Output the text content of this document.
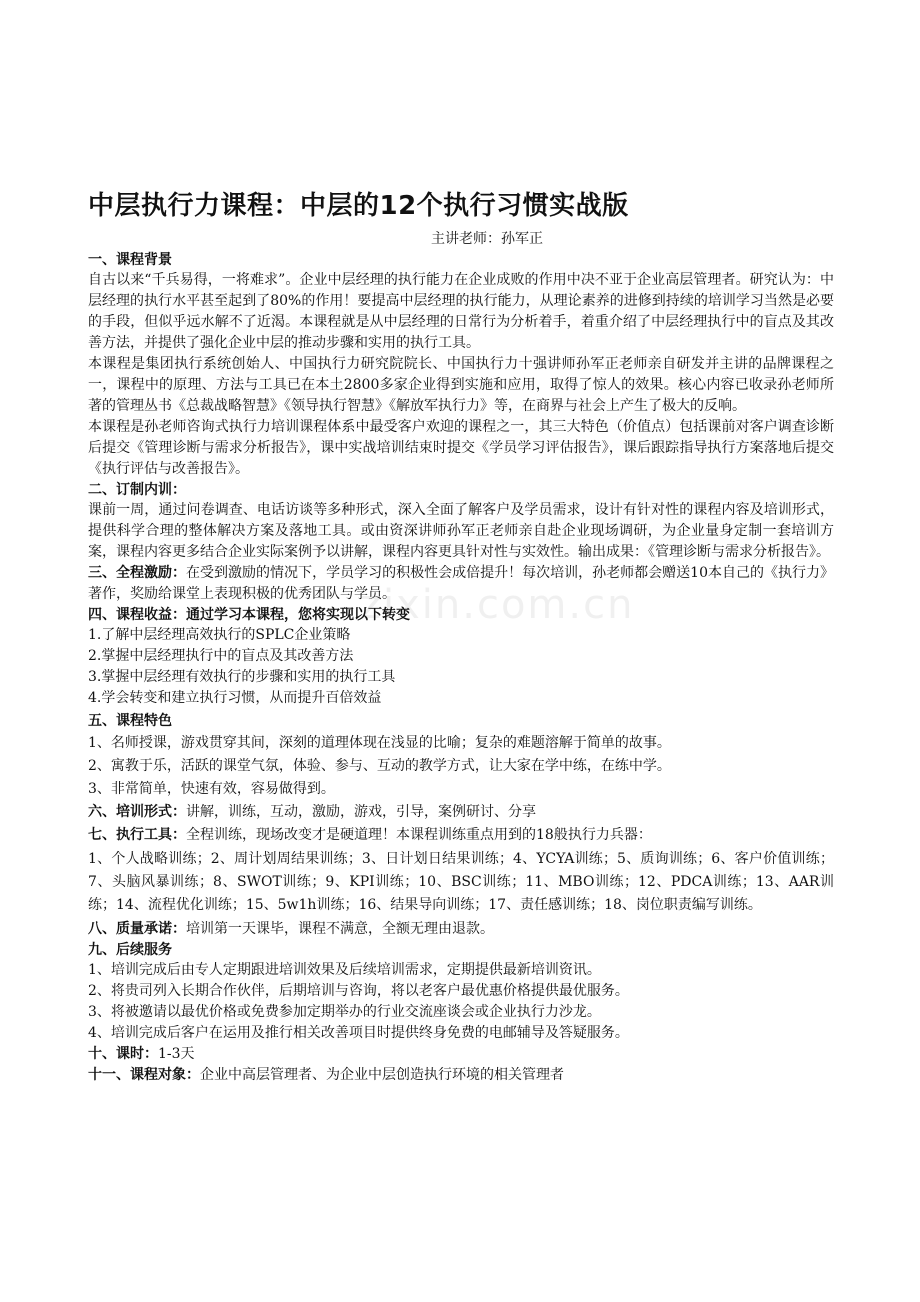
zixin.com.cn
中层执行力课程：中层的12个执行习惯实战版
主讲老师：孙军正
一、课程背景

自古以来“千兵易得，一将难求”。企业中层经理的执行能力在企业成败的作用中决不亚于企业高层管理者。研究认为：中层经理的执行水平甚至起到了80%的作用！要提高中层经理的执行能力，从理论素养的进修到持续的培训学习当然是必要的手段，但似乎远水解不了近渴。本课程就是从中层经理的日常行为分析着手，着重介绍了中层经理执行中的盲点及其改善方法，并提供了强化企业中层的推动步骤和实用的执行工具。

本课程是集团执行系统创始人、中国执行力研究院院长、中国执行力十强讲师孙军正老师亲自研发并主讲的品牌课程之一，课程中的原理、方法与工具已在本土2800多家企业得到实施和应用，取得了惊人的效果。核心内容已收录孙老师所著的管理丛书《总裁战略智慧》《领导执行智慧》《解放军执行力》等，在商界与社会上产生了极大的反响。

本课程是孙老师咨询式执行力培训课程体系中最受客户欢迎的课程之一，其三大特色（价值点）包括课前对客户调查诊断后提交《管理诊断与需求分析报告》，课中实战培训结束时提交《学员学习评估报告》，课后跟踪指导执行方案落地后提交《执行评估与改善报告》。

二、订制内训：

课前一周，通过问卷调查、电话访谈等多种形式，深入全面了解客户及学员需求，设计有针对性的课程内容及培训形式，提供科学合理的整体解决方案及落地工具。或由资深讲师孙军正老师亲自赴企业现场调研，为企业量身定制一套培训方案，课程内容更多结合企业实际案例予以讲解，课程内容更具针对性与实效性。输出成果：《管理诊断与需求分析报告》。

三、全程激励：在受到激励的情况下，学员学习的积极性会成倍提升！每次培训，孙老师都会赠送10本自己的《执行力》著作，奖励给课堂上表现积极的优秀团队与学员。

四、课程收益：通过学习本课程，您将实现以下转变
1.了解中层经理高效执行的SPLC企业策略
2.掌握中层经理执行中的盲点及其改善方法
3.掌握中层经理有效执行的步骤和实用的执行工具
4.学会转变和建立执行习惯，从而提升百倍效益
五、课程特色
1、名师授课，游戏贯穿其间，深刻的道理体现在浅显的比喻；复杂的难题溶解于简单的故事。
2、寓教于乐，活跃的课堂气氛，体验、参与、互动的教学方式，让大家在学中练，在练中学。
3、非常简单，快速有效，容易做得到。

六、培训形式：讲解，训练，互动，激励，游戏，引导，案例研讨、分享

七、执行工具：全程训练，现场改变才是硬道理！本课程训练重点用到的18般执行力兵器：

1、个人战略训练；2、周计划周结果训练；3、日计划日结果训练；4、YCYA训练；5、质询训练；6、客户价值训练；7、头脑风暴训练；8、SWOT训练；9、KPI训练；10、BSC训练；11、MBO训练；12、PDCA训练；13、AAR训练；14、流程优化训练；15、5w1h训练；16、结果导向训练；17、责任感训练；18、岗位职责编写训练。

八、质量承诺：培训第一天课毕，课程不满意，全额无理由退款。

九、后续服务
1、培训完成后由专人定期跟进培训效果及后续培训需求，定期提供最新培训资讯。
2、将贵司列入长期合作伙伴，后期培训与咨询，将以老客户最优惠价格提供最优服务。
3、将被邀请以最优价格或免费参加定期举办的行业交流座谈会或企业执行力沙龙。
4、培训完成后客户在运用及推行相关改善项目时提供终身免费的电邮辅导及答疑服务。

十、课时：1-3天

十一、课程对象：企业中高层管理者、为企业中层创造执行环境的相关管理者
